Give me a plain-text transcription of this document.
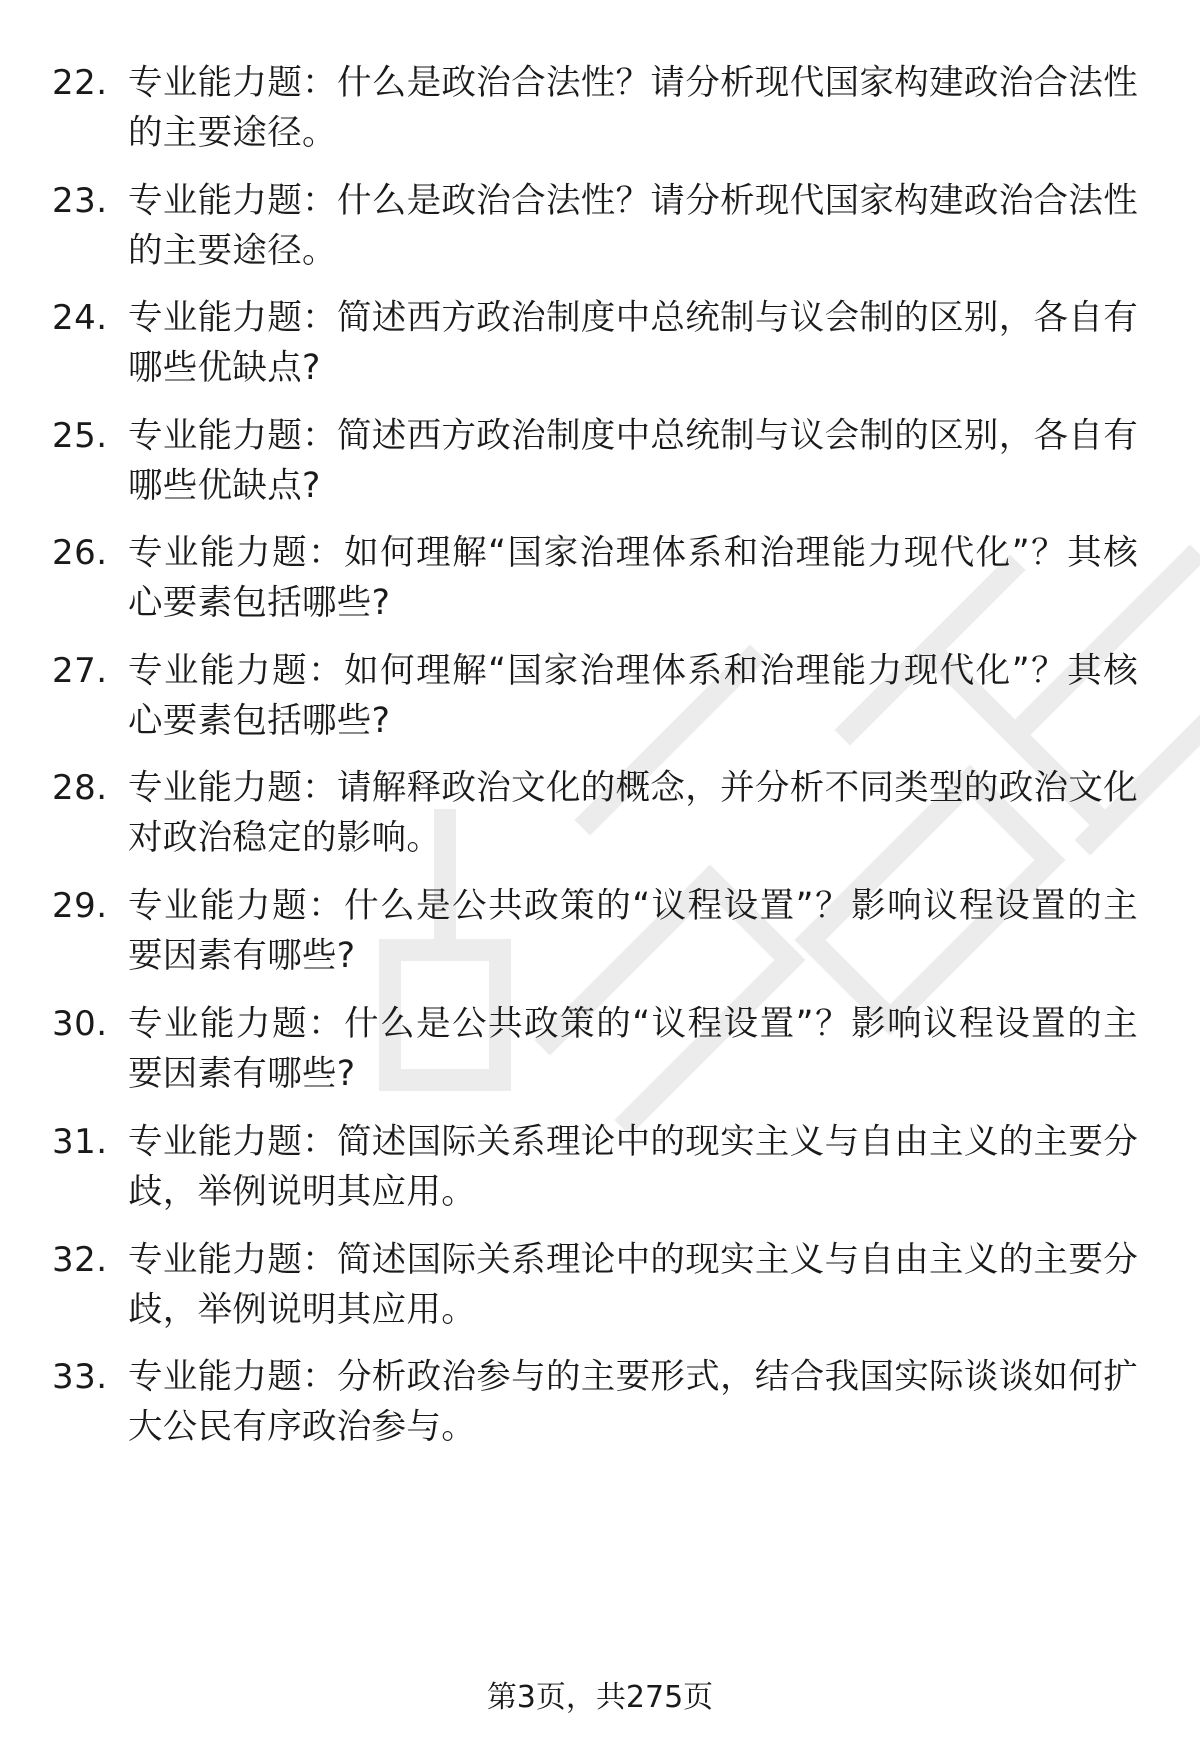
22. 专业能力题：什么是政治合法性？请分析现代国家构建政治合法性的主要途径。
23. 专业能力题：什么是政治合法性？请分析现代国家构建政治合法性的主要途径。
24. 专业能力题：简述西方政治制度中总统制与议会制的区别，各自有哪些优缺点?
25. 专业能力题：简述西方政治制度中总统制与议会制的区别，各自有哪些优缺点?
26. 专业能力题：如何理解“国家治理体系和治理能力现代化”？其核心要素包括哪些?
27. 专业能力题：如何理解“国家治理体系和治理能力现代化”？其核心要素包括哪些?
28. 专业能力题：请解释政治文化的概念，并分析不同类型的政治文化对政治稳定的影响。
29. 专业能力题：什么是公共政策的“议程设置”？影响议程设置的主要因素有哪些?
30. 专业能力题：什么是公共政策的“议程设置”？影响议程设置的主要因素有哪些?
31. 专业能力题：简述国际关系理论中的现实主义与自由主义的主要分歧，举例说明其应用。
32. 专业能力题：简述国际关系理论中的现实主义与自由主义的主要分歧，举例说明其应用。
33. 专业能力题：分析政治参与的主要形式，结合我国实际谈谈如何扩大公民有序政治参与。
第3页，共275页
